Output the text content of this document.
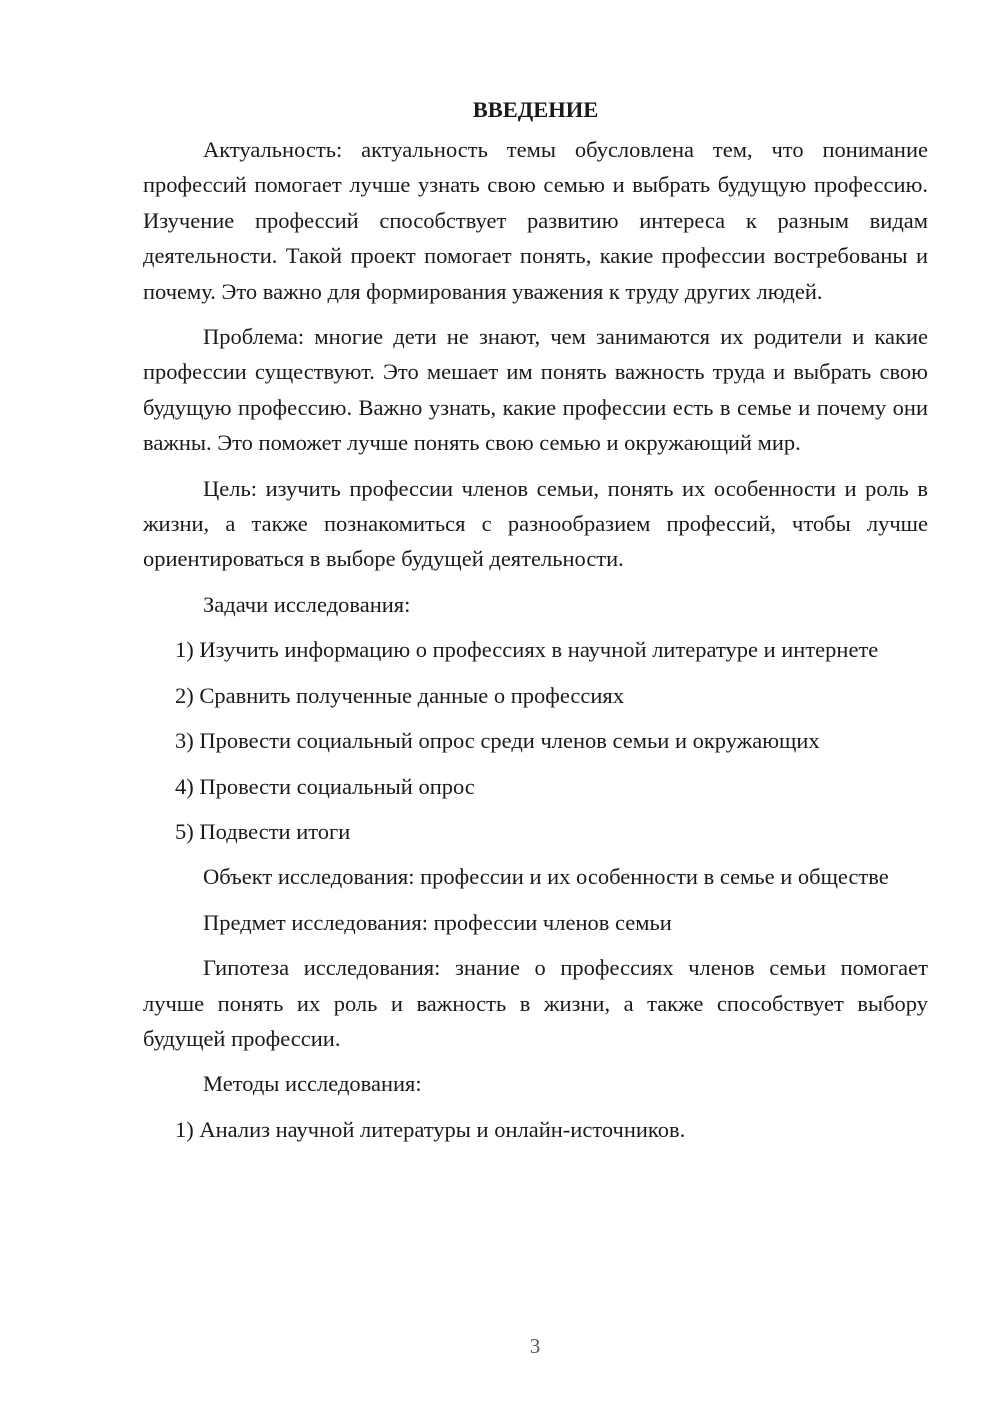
ВВЕДЕНИЕ

Актуальность: актуальность темы обусловлена тем, что понимание профессий помогает лучше узнать свою семью и выбрать будущую профессию. Изучение профессий способствует развитию интереса к разным видам деятельности. Такой проект помогает понять, какие профессии востребованы и почему. Это важно для формирования уважения к труду других людей.

Проблема: многие дети не знают, чем занимаются их родители и какие профессии существуют. Это мешает им понять важность труда и выбрать свою будущую профессию. Важно узнать, какие профессии есть в семье и почему они важны. Это поможет лучше понять свою семью и окружающий мир.

Цель: изучить профессии членов семьи, понять их особенности и роль в жизни, а также познакомиться с разнообразием профессий, чтобы лучше ориентироваться в выборе будущей деятельности.

Задачи исследования:

1) Изучить информацию о профессиях в научной литературе и интернете

2) Сравнить полученные данные о профессиях

3) Провести социальный опрос среди членов семьи и окружающих

4) Провести социальный опрос

5) Подвести итоги

Объект исследования: профессии и их особенности в семье и обществе

Предмет исследования: профессии членов семьи

Гипотеза исследования: знание о профессиях членов семьи помогает лучше понять их роль и важность в жизни, а также способствует выбору будущей профессии.

Методы исследования:

1) Анализ научной литературы и онлайн-источников.

3
